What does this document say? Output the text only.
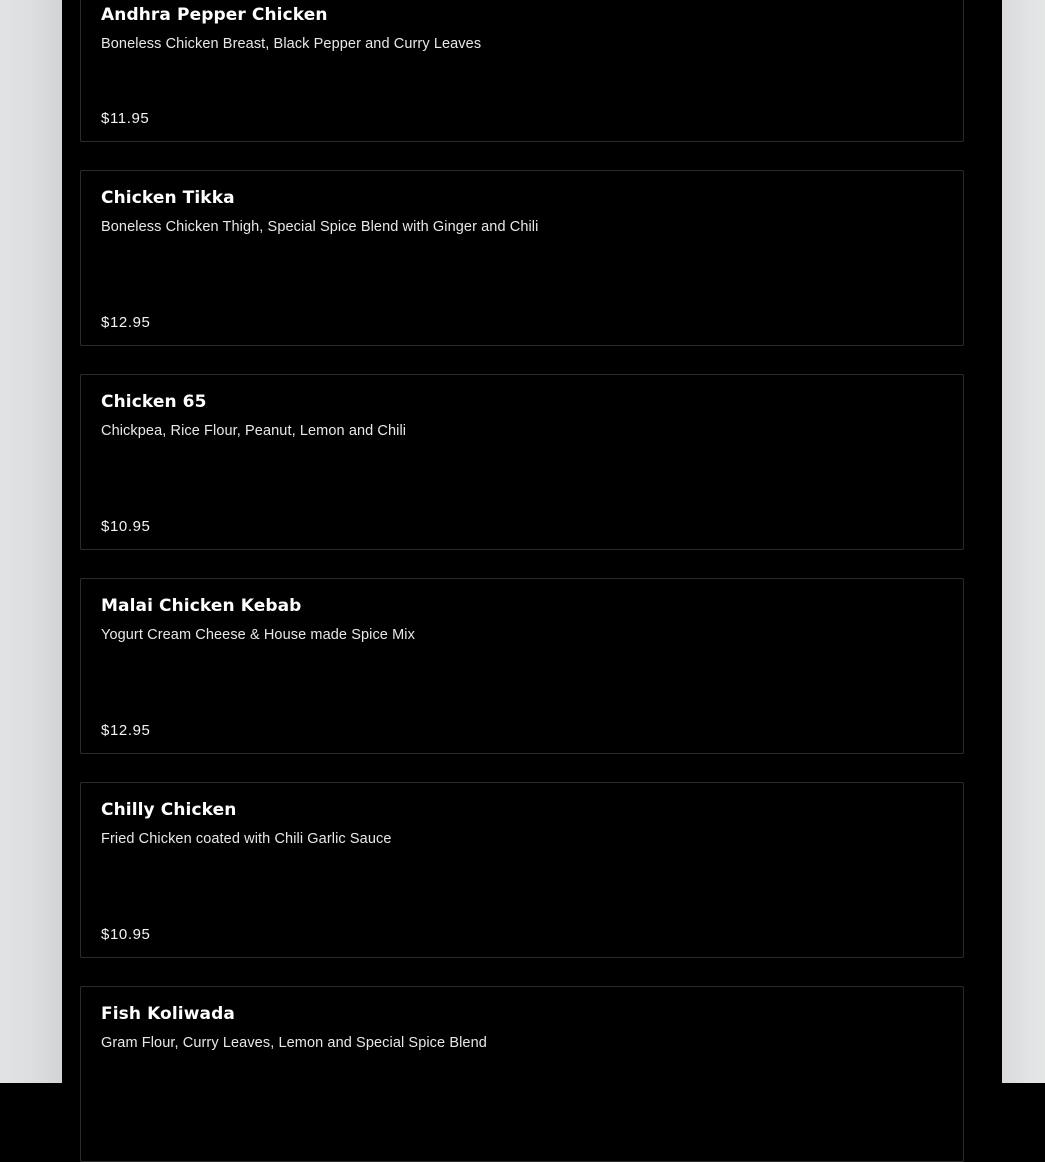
Andhra Pepper Chicken
Boneless Chicken Breast, Black Pepper and Curry Leaves
$11.95
Chicken Tikka
Boneless Chicken Thigh, Special Spice Blend with Ginger and Chili
$12.95
Chicken 65
Chickpea, Rice Flour, Peanut, Lemon and Chili
$10.95
Malai Chicken Kebab
Yogurt Cream Cheese & House made Spice Mix
$12.95
Chilly Chicken
Fried Chicken coated with Chili Garlic Sauce
$10.95
Fish Koliwada
Gram Flour, Curry Leaves, Lemon and Special Spice Blend
